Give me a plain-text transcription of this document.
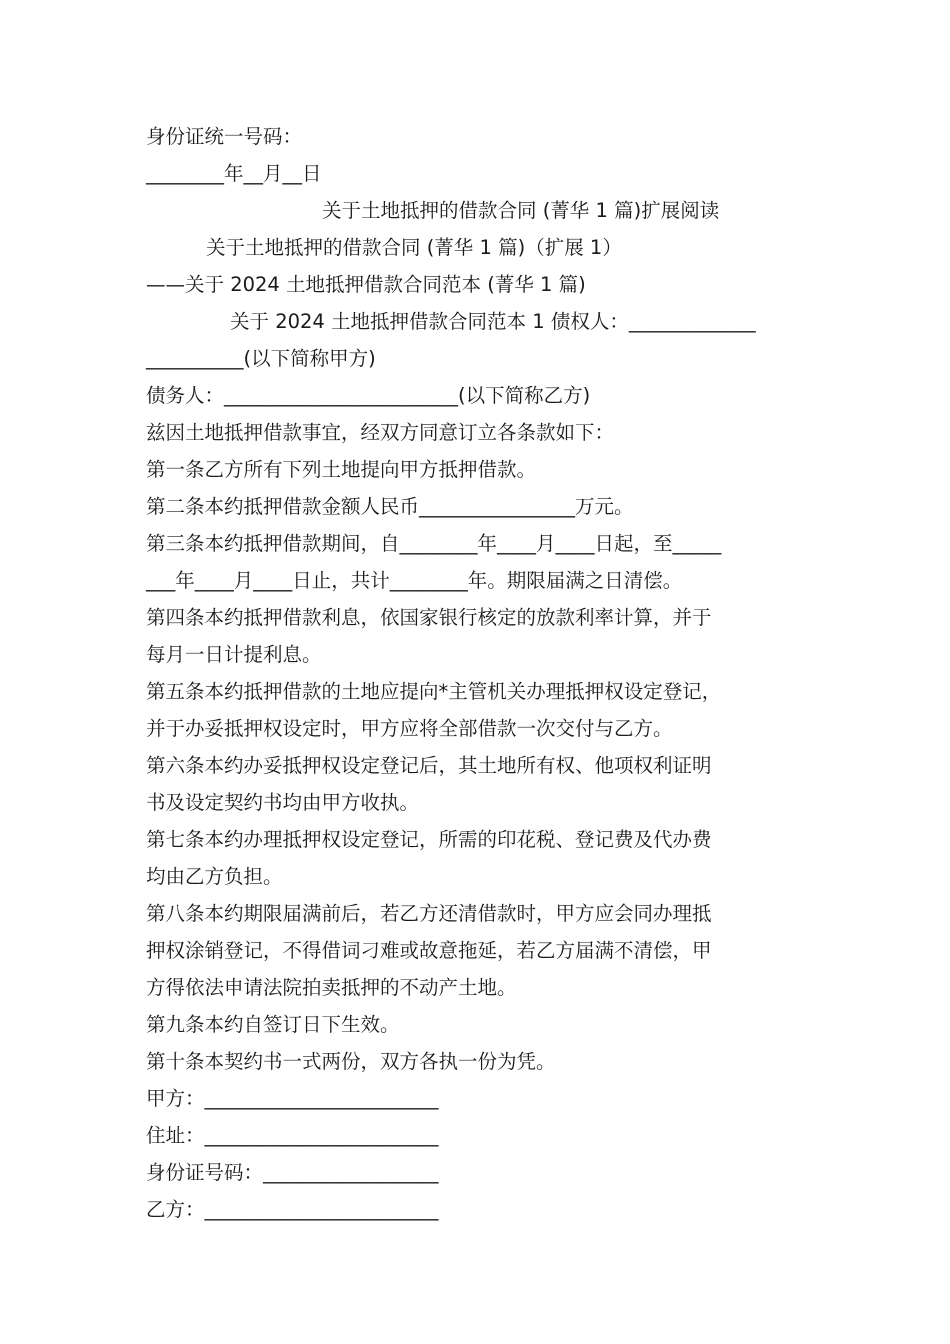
身份证统一号码：
________年__月__日
关于土地抵押的借款合同 (菁华 1 篇)扩展阅读
关于土地抵押的借款合同 (菁华 1 篇)（扩展 1）
——关于 2024 土地抵押借款合同范本 (菁华 1 篇)
关于 2024 土地抵押借款合同范本 1 债权人：_____________
__________(以下简称甲方)
债务人：________________________(以下简称乙方)
兹因土地抵押借款事宜，经双方同意订立各条款如下：
第一条乙方所有下列土地提向甲方抵押借款。
第二条本约抵押借款金额人民币________________万元。
第三条本约抵押借款期间，自________年____月____日起，至_____
___年____月____日止，共计________年。期限届满之日清偿。
第四条本约抵押借款利息，依国家银行核定的放款利率计算，并于
每月一日计提利息。
第五条本约抵押借款的土地应提向*主管机关办理抵押权设定登记，
并于办妥抵押权设定时，甲方应将全部借款一次交付与乙方。
第六条本约办妥抵押权设定登记后，其土地所有权、他项权利证明
书及设定契约书均由甲方收执。
第七条本约办理抵押权设定登记，所需的印花税、登记费及代办费
均由乙方负担。
第八条本约期限届满前后，若乙方还清借款时，甲方应会同办理抵
押权涂销登记，不得借词刁难或故意拖延，若乙方届满不清偿，甲
方得依法申请法院拍卖抵押的不动产土地。
第九条本约自签订日下生效。
第十条本契约书一式两份，双方各执一份为凭。
甲方：________________________
住址：________________________
身份证号码：__________________
乙方：________________________
